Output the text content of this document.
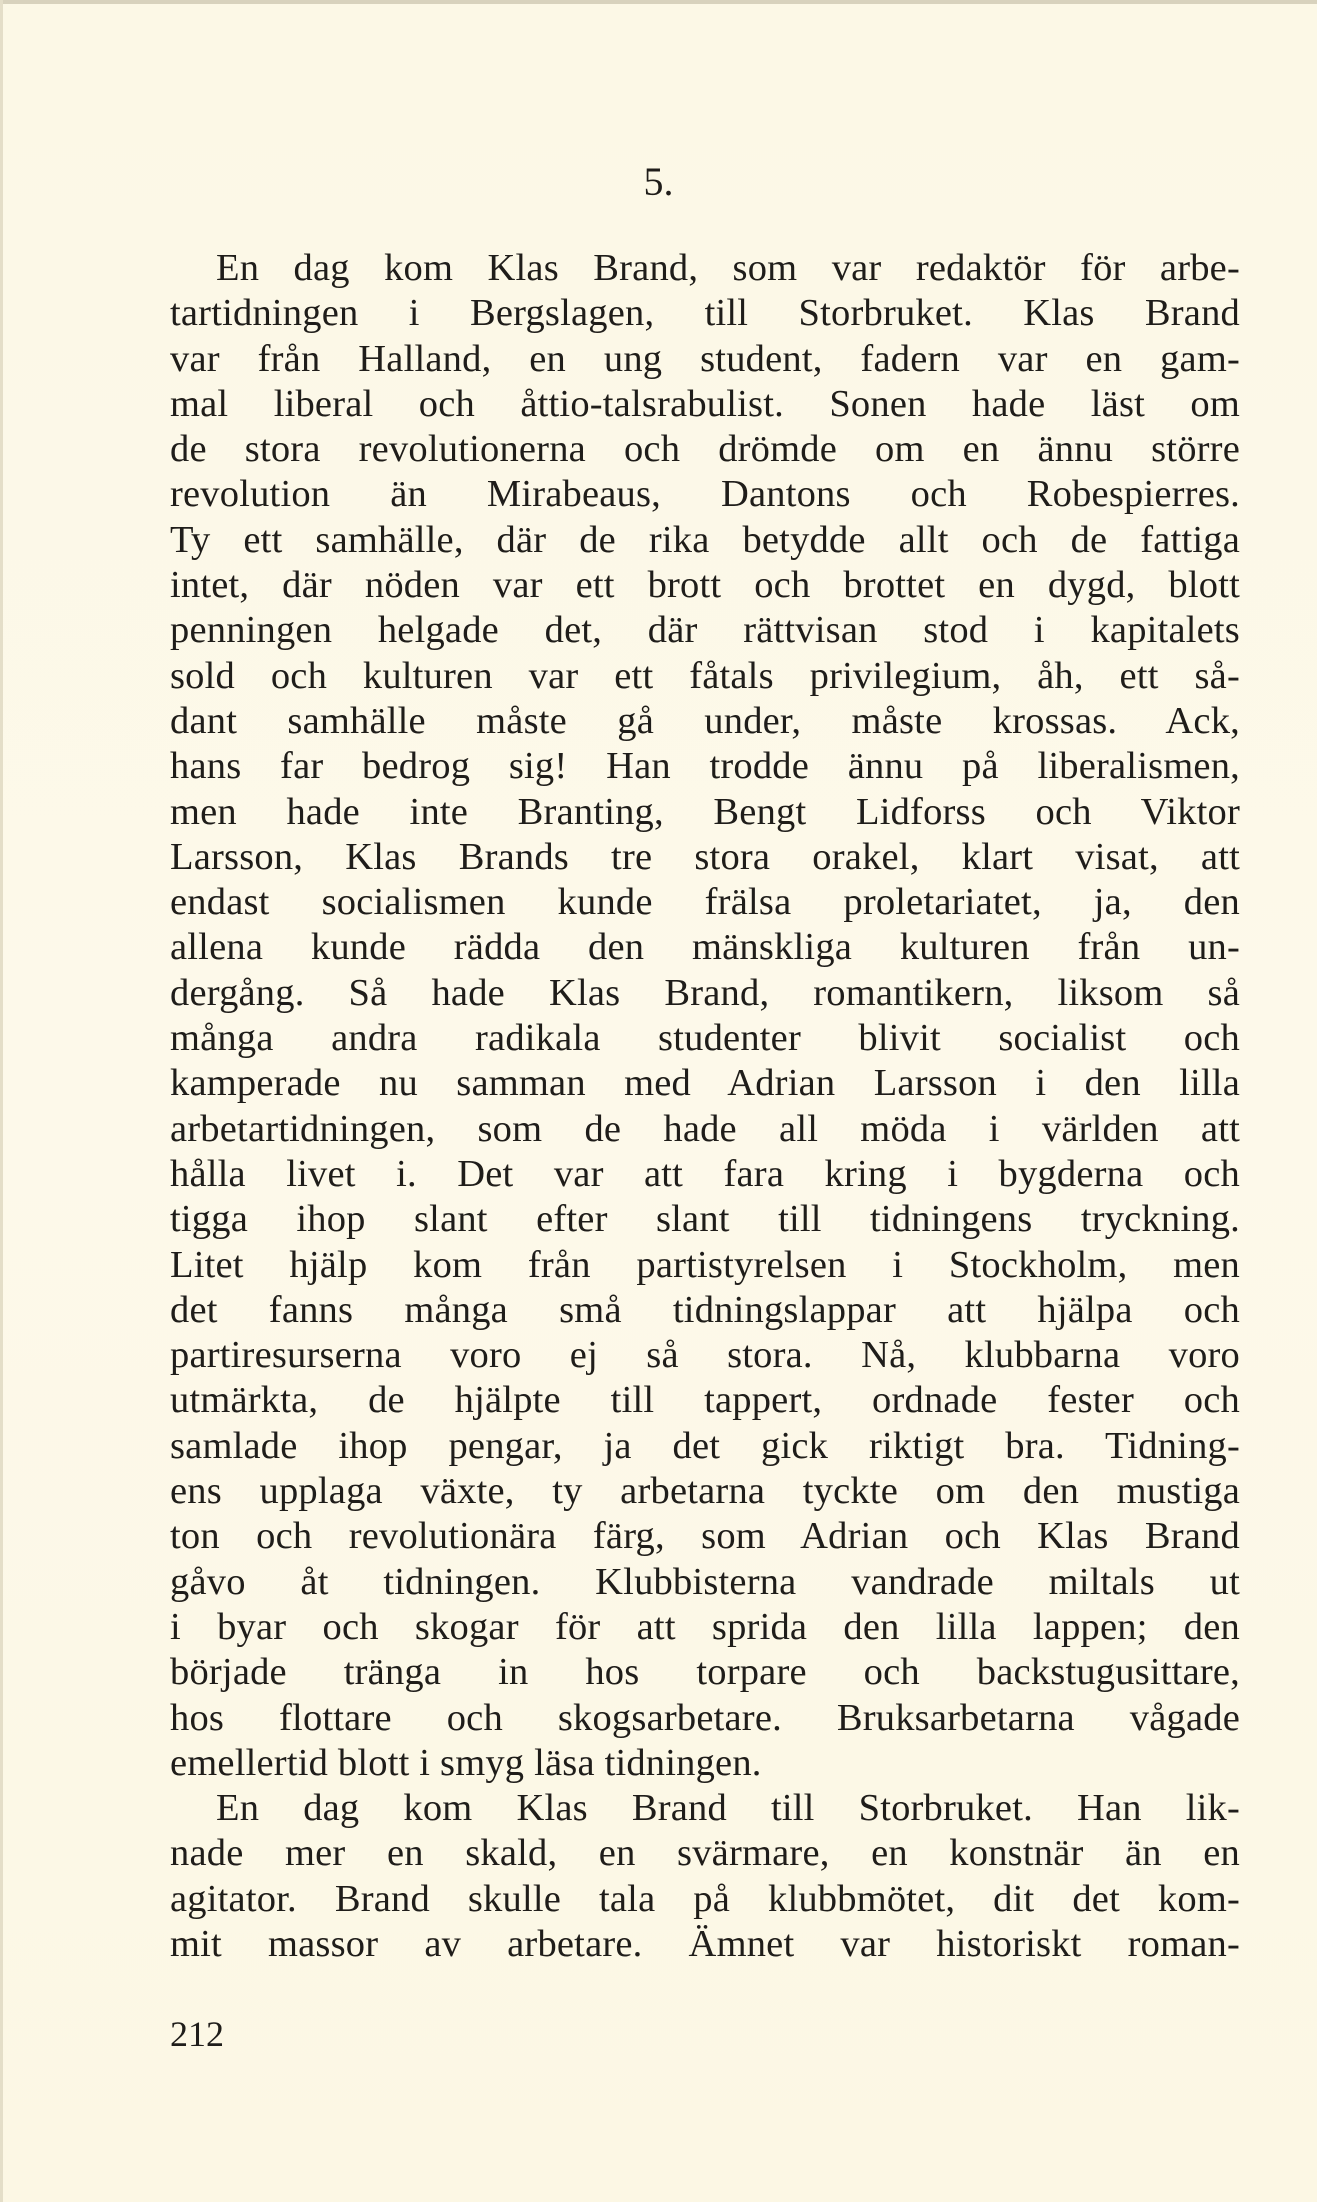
5.
En dag kom Klas Brand, som var redaktör för arbe-
tartidningen i Bergslagen, till Storbruket. Klas Brand
var från Halland, en ung student, fadern var en gam-
mal liberal och åttio-talsrabulist. Sonen hade läst om
de stora revolutionerna och drömde om en ännu större
revolution än Mirabeaus, Dantons och Robespierres.
Ty ett samhälle, där de rika betydde allt och de fattiga
intet, där nöden var ett brott och brottet en dygd, blott
penningen helgade det, där rättvisan stod i kapitalets
sold och kulturen var ett fåtals privilegium, åh, ett så-
dant samhälle måste gå under, måste krossas. Ack,
hans far bedrog sig! Han trodde ännu på liberalismen,
men hade inte Branting, Bengt Lidforss och Viktor
Larsson, Klas Brands tre stora orakel, klart visat, att
endast socialismen kunde frälsa proletariatet, ja, den
allena kunde rädda den mänskliga kulturen från un-
dergång. Så hade Klas Brand, romantikern, liksom så
många andra radikala studenter blivit socialist och
kamperade nu samman med Adrian Larsson i den lilla
arbetartidningen, som de hade all möda i världen att
hålla livet i. Det var att fara kring i bygderna och
tigga ihop slant efter slant till tidningens tryckning.
Litet hjälp kom från partistyrelsen i Stockholm, men
det fanns många små tidningslappar att hjälpa och
partiresurserna voro ej så stora. Nå, klubbarna voro
utmärkta, de hjälpte till tappert, ordnade fester och
samlade ihop pengar, ja det gick riktigt bra. Tidning-
ens upplaga växte, ty arbetarna tyckte om den mustiga
ton och revolutionära färg, som Adrian och Klas Brand
gåvo åt tidningen. Klubbisterna vandrade miltals ut
i byar och skogar för att sprida den lilla lappen; den
började tränga in hos torpare och backstugusittare,
hos flottare och skogsarbetare. Bruksarbetarna vågade
emellertid blott i smyg läsa tidningen.
En dag kom Klas Brand till Storbruket. Han lik-
nade mer en skald, en svärmare, en konstnär än en
agitator. Brand skulle tala på klubbmötet, dit det kom-
mit massor av arbetare. Ämnet var historiskt roman-
212
